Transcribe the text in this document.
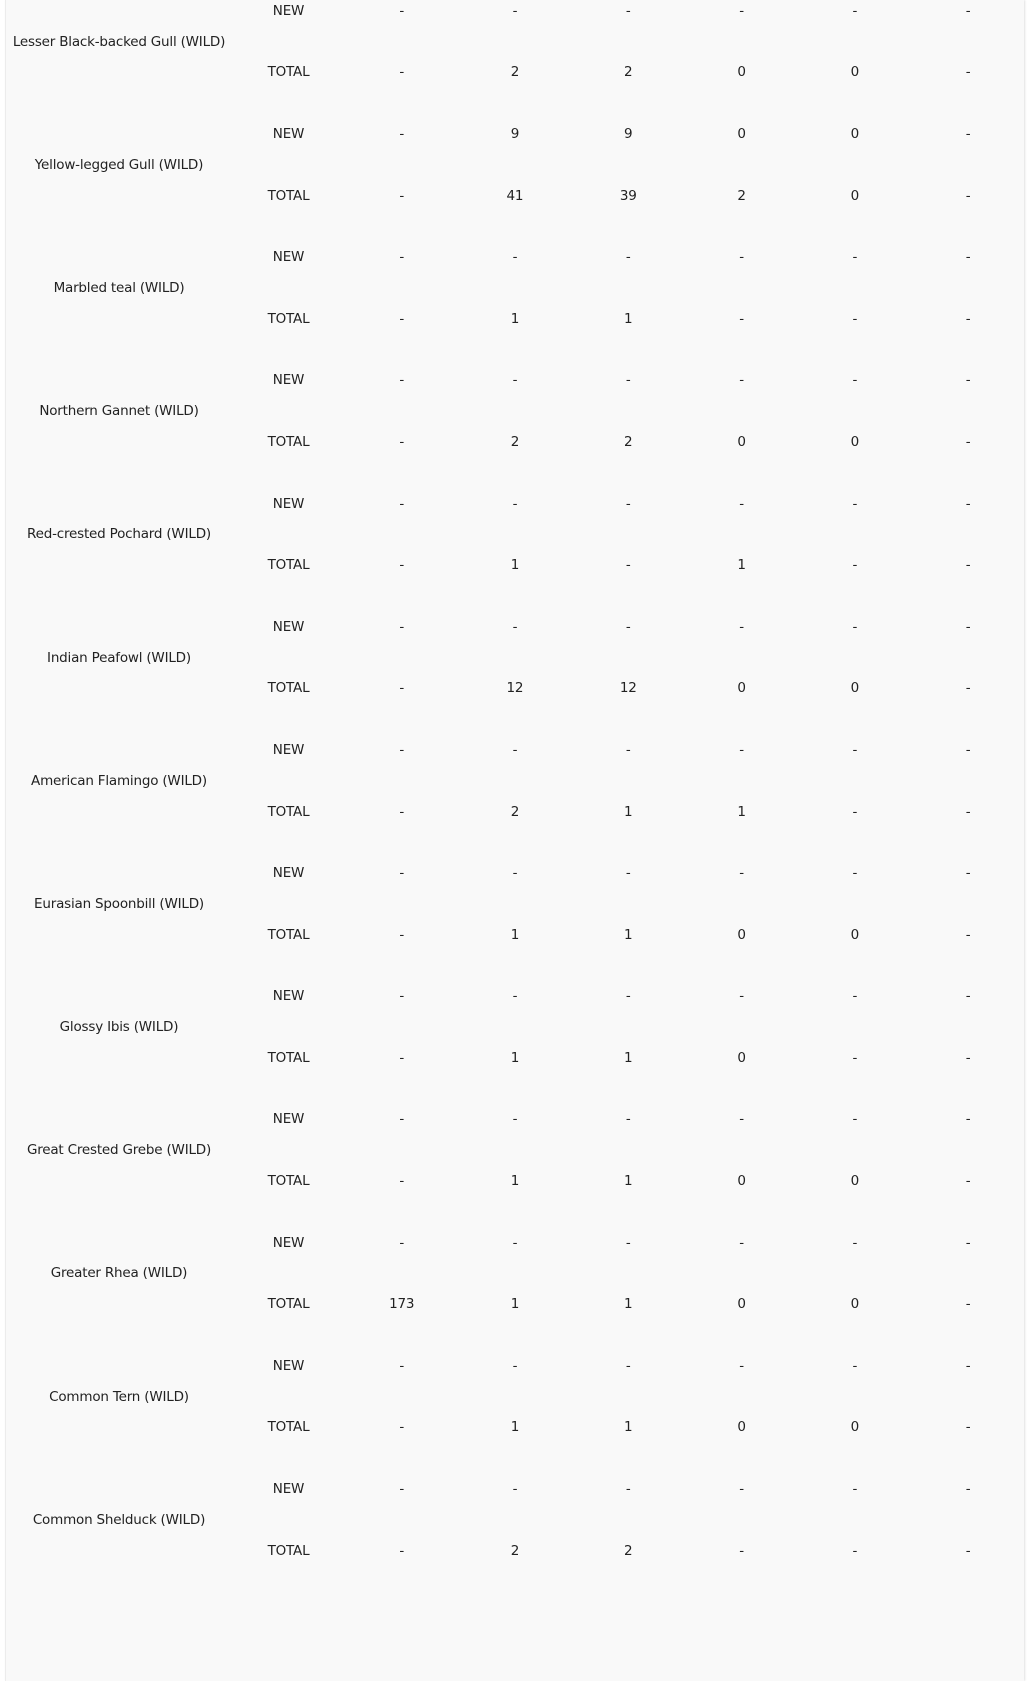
Lesser Black-backed Gull (WILD)	NEW	-	-	-	-	-	-
	TOTAL	-	2	2	0	0	-
Yellow-legged Gull (WILD)	NEW	-	9	9	0	0	-
	TOTAL	-	41	39	2	0	-
Marbled teal (WILD)	NEW	-	-	-	-	-	-
	TOTAL	-	1	1	-	-	-
Northern Gannet (WILD)	NEW	-	-	-	-	-	-
	TOTAL	-	2	2	0	0	-
Red-crested Pochard (WILD)	NEW	-	-	-	-	-	-
	TOTAL	-	1	-	1	-	-
Indian Peafowl (WILD)	NEW	-	-	-	-	-	-
	TOTAL	-	12	12	0	0	-
American Flamingo (WILD)	NEW	-	-	-	-	-	-
	TOTAL	-	2	1	1	-	-
Eurasian Spoonbill (WILD)	NEW	-	-	-	-	-	-
	TOTAL	-	1	1	0	0	-
Glossy Ibis (WILD)	NEW	-	-	-	-	-	-
	TOTAL	-	1	1	0	-	-
Great Crested Grebe (WILD)	NEW	-	-	-	-	-	-
	TOTAL	-	1	1	0	0	-
Greater Rhea (WILD)	NEW	-	-	-	-	-	-
	TOTAL	173	1	1	0	0	-
Common Tern (WILD)	NEW	-	-	-	-	-	-
	TOTAL	-	1	1	0	0	-
Common Shelduck (WILD)	NEW	-	-	-	-	-	-
	TOTAL	-	2	2	-	-	-
